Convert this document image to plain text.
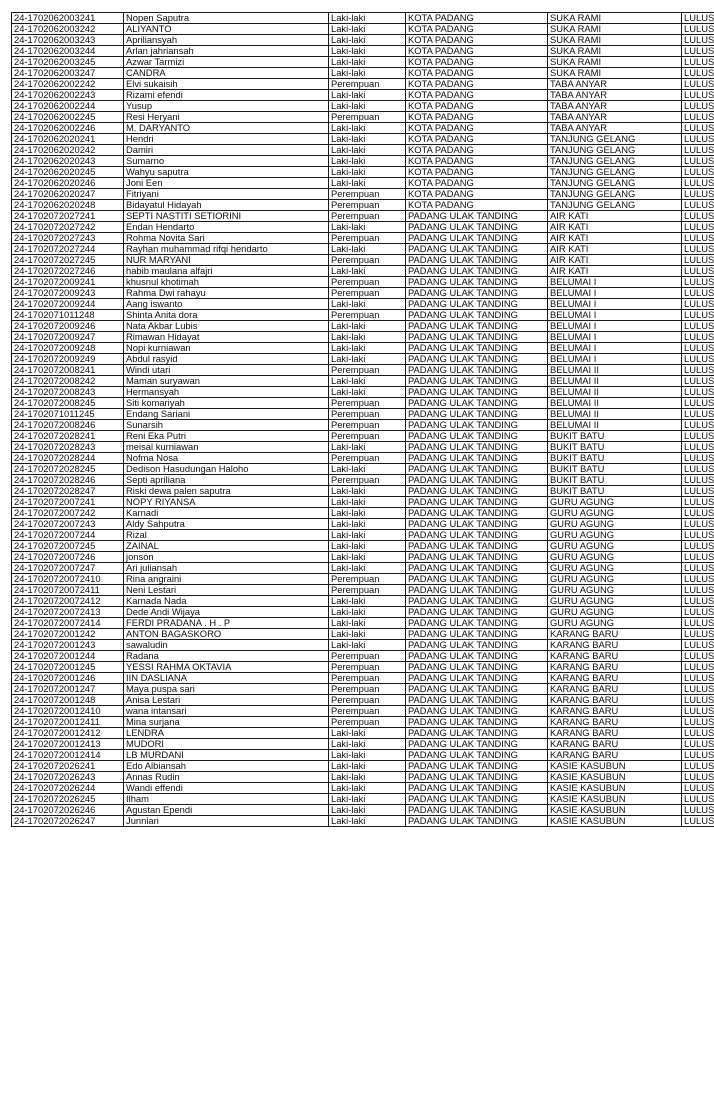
24-1702062003241	Nopen Saputra	Laki-laki	KOTA PADANG	SUKA RAMI	LULUS
24-1702062003242	ALIYANTO	Laki-laki	KOTA PADANG	SUKA RAMI	LULUS
24-1702062003243	Apriliansyah	Laki-laki	KOTA PADANG	SUKA RAMI	LULUS
24-1702062003244	Arlan jahriansah	Laki-laki	KOTA PADANG	SUKA RAMI	LULUS
24-1702062003245	Azwar Tarmizi	Laki-laki	KOTA PADANG	SUKA RAMI	LULUS
24-1702062003247	CANDRA	Laki-laki	KOTA PADANG	SUKA RAMI	LULUS
24-1702062002242	Elvi sukaisih	Perempuan	KOTA PADANG	TABA ANYAR	LULUS
24-1702062002243	Rizami efendi	Laki-laki	KOTA PADANG	TABA ANYAR	LULUS
24-1702062002244	Yusup	Laki-laki	KOTA PADANG	TABA ANYAR	LULUS
24-1702062002245	Resi Heryani	Perempuan	KOTA PADANG	TABA ANYAR	LULUS
24-1702062002246	M. DARYANTO	Laki-laki	KOTA PADANG	TABA ANYAR	LULUS
24-1702062020241	Hendri	Laki-laki	KOTA PADANG	TANJUNG GELANG	LULUS
24-1702062020242	Damiri	Laki-laki	KOTA PADANG	TANJUNG GELANG	LULUS
24-1702062020243	Sumarno	Laki-laki	KOTA PADANG	TANJUNG GELANG	LULUS
24-1702062020245	Wahyu saputra	Laki-laki	KOTA PADANG	TANJUNG GELANG	LULUS
24-1702062020246	Joni Een	Laki-laki	KOTA PADANG	TANJUNG GELANG	LULUS
24-1702062020247	Fitriyani	Perempuan	KOTA PADANG	TANJUNG GELANG	LULUS
24-1702062020248	Bidayatul Hidayah	Perempuan	KOTA PADANG	TANJUNG GELANG	LULUS
24-1702072027241	SEPTI NASTITI SETIORINI	Perempuan	PADANG ULAK TANDING	AIR KATI	LULUS
24-1702072027242	Endan Hendarto	Laki-laki	PADANG ULAK TANDING	AIR KATI	LULUS
24-1702072027243	Rohma Novita Sari	Perempuan	PADANG ULAK TANDING	AIR KATI	LULUS
24-1702072027244	Rayhan muhammad rifqi hendarto	Laki-laki	PADANG ULAK TANDING	AIR KATI	LULUS
24-1702072027245	NUR MARYANI	Perempuan	PADANG ULAK TANDING	AIR KATI	LULUS
24-1702072027246	habib maulana alfajri	Laki-laki	PADANG ULAK TANDING	AIR KATI	LULUS
24-1702072009241	khusnul khotimah	Perempuan	PADANG ULAK TANDING	BELUMAI I	LULUS
24-1702072009243	Rahma Dwi rahayu	Perempuan	PADANG ULAK TANDING	BELUMAI I	LULUS
24-1702072009244	Aang iswanto	Laki-laki	PADANG ULAK TANDING	BELUMAI I	LULUS
24-1702071011248	Shinta Anita dora	Perempuan	PADANG ULAK TANDING	BELUMAI I	LULUS
24-1702072009246	Nata Akbar Lubis	Laki-laki	PADANG ULAK TANDING	BELUMAI I	LULUS
24-1702072009247	Rimawan Hidayat	Laki-laki	PADANG ULAK TANDING	BELUMAI I	LULUS
24-1702072009248	Nopi kurniawan	Laki-laki	PADANG ULAK TANDING	BELUMAI I	LULUS
24-1702072009249	Abdul rasyid	Laki-laki	PADANG ULAK TANDING	BELUMAI I	LULUS
24-1702072008241	Windi utari	Perempuan	PADANG ULAK TANDING	BELUMAI II	LULUS
24-1702072008242	Maman suryawan	Laki-laki	PADANG ULAK TANDING	BELUMAI II	LULUS
24-1702072008243	Hermansyah	Laki-laki	PADANG ULAK TANDING	BELUMAI II	LULUS
24-1702072008245	Siti komariyah	Perempuan	PADANG ULAK TANDING	BELUMAI II	LULUS
24-1702071011245	Endang Sariani	Perempuan	PADANG ULAK TANDING	BELUMAI II	LULUS
24-1702072008246	Sunarsih	Perempuan	PADANG ULAK TANDING	BELUMAI II	LULUS
24-1702072028241	Reni Eka Putri	Perempuan	PADANG ULAK TANDING	BUKIT BATU	LULUS
24-1702072028243	meisal kurniawan	Laki-laki	PADANG ULAK TANDING	BUKIT BATU	LULUS
24-1702072028244	Nofma Nosa	Perempuan	PADANG ULAK TANDING	BUKIT BATU	LULUS
24-1702072028245	Dedison Hasudungan Haloho	Laki-laki	PADANG ULAK TANDING	BUKIT BATU	LULUS
24-1702072028246	Septi apriliana	Perempuan	PADANG ULAK TANDING	BUKIT BATU	LULUS
24-1702072028247	Riski dewa palen saputra	Laki-laki	PADANG ULAK TANDING	BUKIT BATU	LULUS
24-1702072007241	NOPY RIYANSA	Laki-laki	PADANG ULAK TANDING	GURU AGUNG	LULUS
24-1702072007242	Karnadi	Laki-laki	PADANG ULAK TANDING	GURU AGUNG	LULUS
24-1702072007243	Aldy Sahputra	Laki-laki	PADANG ULAK TANDING	GURU AGUNG	LULUS
24-1702072007244	Rizal	Laki-laki	PADANG ULAK TANDING	GURU AGUNG	LULUS
24-1702072007245	ZAINAL	Laki-laki	PADANG ULAK TANDING	GURU AGUNG	LULUS
24-1702072007246	jonson	Laki-laki	PADANG ULAK TANDING	GURU AGUNG	LULUS
24-1702072007247	Ari juliansah	Laki-laki	PADANG ULAK TANDING	GURU AGUNG	LULUS
24-17020720072410	Rina angraini	Perempuan	PADANG ULAK TANDING	GURU AGUNG	LULUS
24-17020720072411	Neni Lestari	Perempuan	PADANG ULAK TANDING	GURU AGUNG	LULUS
24-17020720072412	Karnada Nada	Laki-laki	PADANG ULAK TANDING	GURU AGUNG	LULUS
24-17020720072413	Dede Andi Wijaya	Laki-laki	PADANG ULAK TANDING	GURU AGUNG	LULUS
24-17020720072414	FERDI PRADANA . H . P	Laki-laki	PADANG ULAK TANDING	GURU AGUNG	LULUS
24-1702072001242	ANTON BAGASKORO	Laki-laki	PADANG ULAK TANDING	KARANG BARU	LULUS
24-1702072001243	sawaludin	Laki-laki	PADANG ULAK TANDING	KARANG BARU	LULUS
24-1702072001244	Radana	Perempuan	PADANG ULAK TANDING	KARANG BARU	LULUS
24-1702072001245	YESSI RAHMA OKTAVIA	Perempuan	PADANG ULAK TANDING	KARANG BARU	LULUS
24-1702072001246	IIN DASLIANA	Perempuan	PADANG ULAK TANDING	KARANG BARU	LULUS
24-1702072001247	Maya puspa sari	Perempuan	PADANG ULAK TANDING	KARANG BARU	LULUS
24-1702072001248	Anisa Lestari	Perempuan	PADANG ULAK TANDING	KARANG BARU	LULUS
24-17020720012410	wana intansari	Perempuan	PADANG ULAK TANDING	KARANG BARU	LULUS
24-17020720012411	Mina surjana	Perempuan	PADANG ULAK TANDING	KARANG BARU	LULUS
24-17020720012412	LENDRA	Laki-laki	PADANG ULAK TANDING	KARANG BARU	LULUS
24-17020720012413	MUDORI	Laki-laki	PADANG ULAK TANDING	KARANG BARU	LULUS
24-17020720012414	LB MURDANI	Laki-laki	PADANG ULAK TANDING	KARANG BARU	LULUS
24-1702072026241	Edo Albiansah	Laki-laki	PADANG ULAK TANDING	KASIE KASUBUN	LULUS
24-1702072026243	Annas Rudin	Laki-laki	PADANG ULAK TANDING	KASIE KASUBUN	LULUS
24-1702072026244	Wandi effendi	Laki-laki	PADANG ULAK TANDING	KASIE KASUBUN	LULUS
24-1702072026245	Ilham	Laki-laki	PADANG ULAK TANDING	KASIE KASUBUN	LULUS
24-1702072026246	Agustan Ependi	Laki-laki	PADANG ULAK TANDING	KASIE KASUBUN	LULUS
24-1702072026247	Junniari	Laki-laki	PADANG ULAK TANDING	KASIE KASUBUN	LULUS
